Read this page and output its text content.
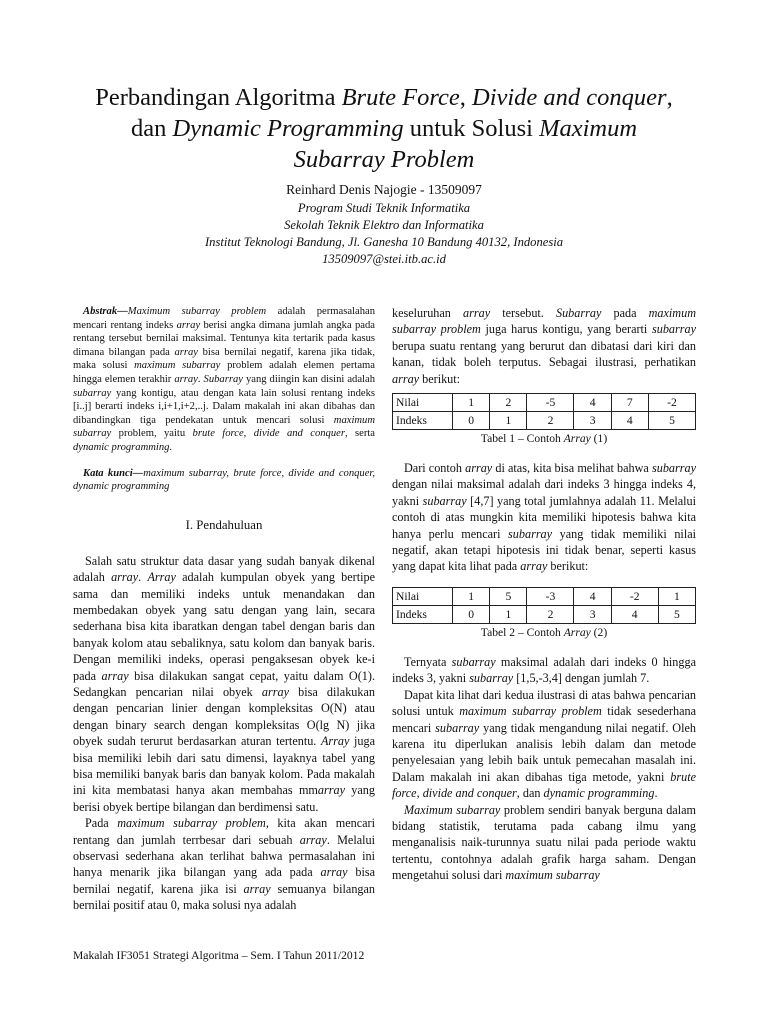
Perbandingan Algoritma Brute Force, Divide and conquer,
dan Dynamic Programming untuk Solusi Maximum
Subarray Problem
Reinhard Denis Najogie - 13509097
Program Studi Teknik Informatika
Sekolah Teknik Elektro dan Informatika
Institut Teknologi Bandung, Jl. Ganesha 10 Bandung 40132, Indonesia
13509097@stei.itb.ac.id

Abstrak—Maximum subarray problem adalah permasalahan mencari rentang indeks array berisi angka dimana jumlah angka pada rentang tersebut bernilai maksimal. Tentunya kita tertarik pada kasus dimana bilangan pada array bisa bernilai negatif, karena jika tidak, maka solusi maximum subarray problem adalah elemen pertama hingga elemen terakhir array. Subarray yang diingin kan disini adalah subarray yang kontigu, atau dengan kata lain solusi rentang indeks [i..j] berarti indeks i,i+1,i+2,..j. Dalam makalah ini akan dibahas dan dibandingkan tiga pendekatan untuk mencari solusi maximum subarray problem, yaitu brute force, divide and conquer, serta dynamic programming.

Kata kunci—maximum subarray, brute force, divide and conquer, dynamic programming

I. Pendahuluan

Salah satu struktur data dasar yang sudah banyak dikenal adalah array. Array adalah kumpulan obyek yang bertipe sama dan memiliki indeks untuk menandakan dan membedakan obyek yang satu dengan yang lain, secara sederhana bisa kita ibaratkan dengan tabel dengan baris dan banyak kolom atau sebaliknya, satu kolom dan banyak baris. Dengan memiliki indeks, operasi pengaksesan obyek ke-i pada array bisa dilakukan sangat cepat, yaitu dalam O(1). Sedangkan pencarian nilai obyek array bisa dilakukan dengan pencarian linier dengan kompleksitas O(N) atau dengan binary search dengan kompleksitas O(lg N) jika obyek sudah terurut berdasarkan aturan tertentu. Array juga bisa memiliki lebih dari satu dimensi, layaknya tabel yang bisa memiliki banyak baris dan banyak kolom. Pada makalah ini kita membatasi hanya akan membahas mmarray yang berisi obyek bertipe bilangan dan berdimensi satu.

Pada maximum subarray problem, kita akan mencari rentang dan jumlah terrbesar dari sebuah array. Melalui observasi sederhana akan terlihat bahwa permasalahan ini hanya menarik jika bilangan yang ada pada array bisa bernilai negatif, karena jika isi array semuanya bilangan bernilai positif atau 0, maka solusi nya adalah

keseluruhan array tersebut. Subarray pada maximum subarray problem juga harus kontigu, yang berarti subarray berupa suatu rentang yang berurut dan dibatasi dari kiri dan kanan, tidak boleh terputus. Sebagai ilustrasi, perhatikan array berikut:

Nilai	1	2	-5	4	7	-2
Indeks	0	1	2	3	4	5
Tabel 1 – Contoh Array (1)

Dari contoh array di atas, kita bisa melihat bahwa subarray dengan nilai maksimal adalah dari indeks 3 hingga indeks 4, yakni subarray [4,7] yang total jumlahnya adalah 11. Melalui contoh di atas mungkin kita memiliki hipotesis bahwa kita hanya perlu mencari subarray yang tidak memiliki nilai negatif, akan tetapi hipotesis ini tidak benar, seperti kasus yang dapat kita lihat pada array berikut:

Nilai	1	5	-3	4	-2	1
Indeks	0	1	2	3	4	5
Tabel 2 – Contoh Array (2)

Ternyata subarray maksimal adalah dari indeks 0 hingga indeks 3, yakni subarray [1,5,-3,4] dengan jumlah 7.

Dapat kita lihat dari kedua ilustrasi di atas bahwa pencarian solusi untuk maximum subarray problem tidak sesederhana mencari subarray yang tidak mengandung nilai negatif. Oleh karena itu diperlukan analisis lebih dalam dan metode penyelesaian yang lebih baik untuk pemecahan masalah ini. Dalam makalah ini akan dibahas tiga metode, yakni brute force, divide and conquer, dan dynamic programming.

Maximum subarray problem sendiri banyak berguna dalam bidang statistik, terutama pada cabang ilmu yang menganalisis naik-turunnya suatu nilai pada periode waktu tertentu, contohnya adalah grafik harga saham. Dengan mengetahui solusi dari maximum subarray

Makalah IF3051 Strategi Algoritma – Sem. I Tahun 2011/2012
